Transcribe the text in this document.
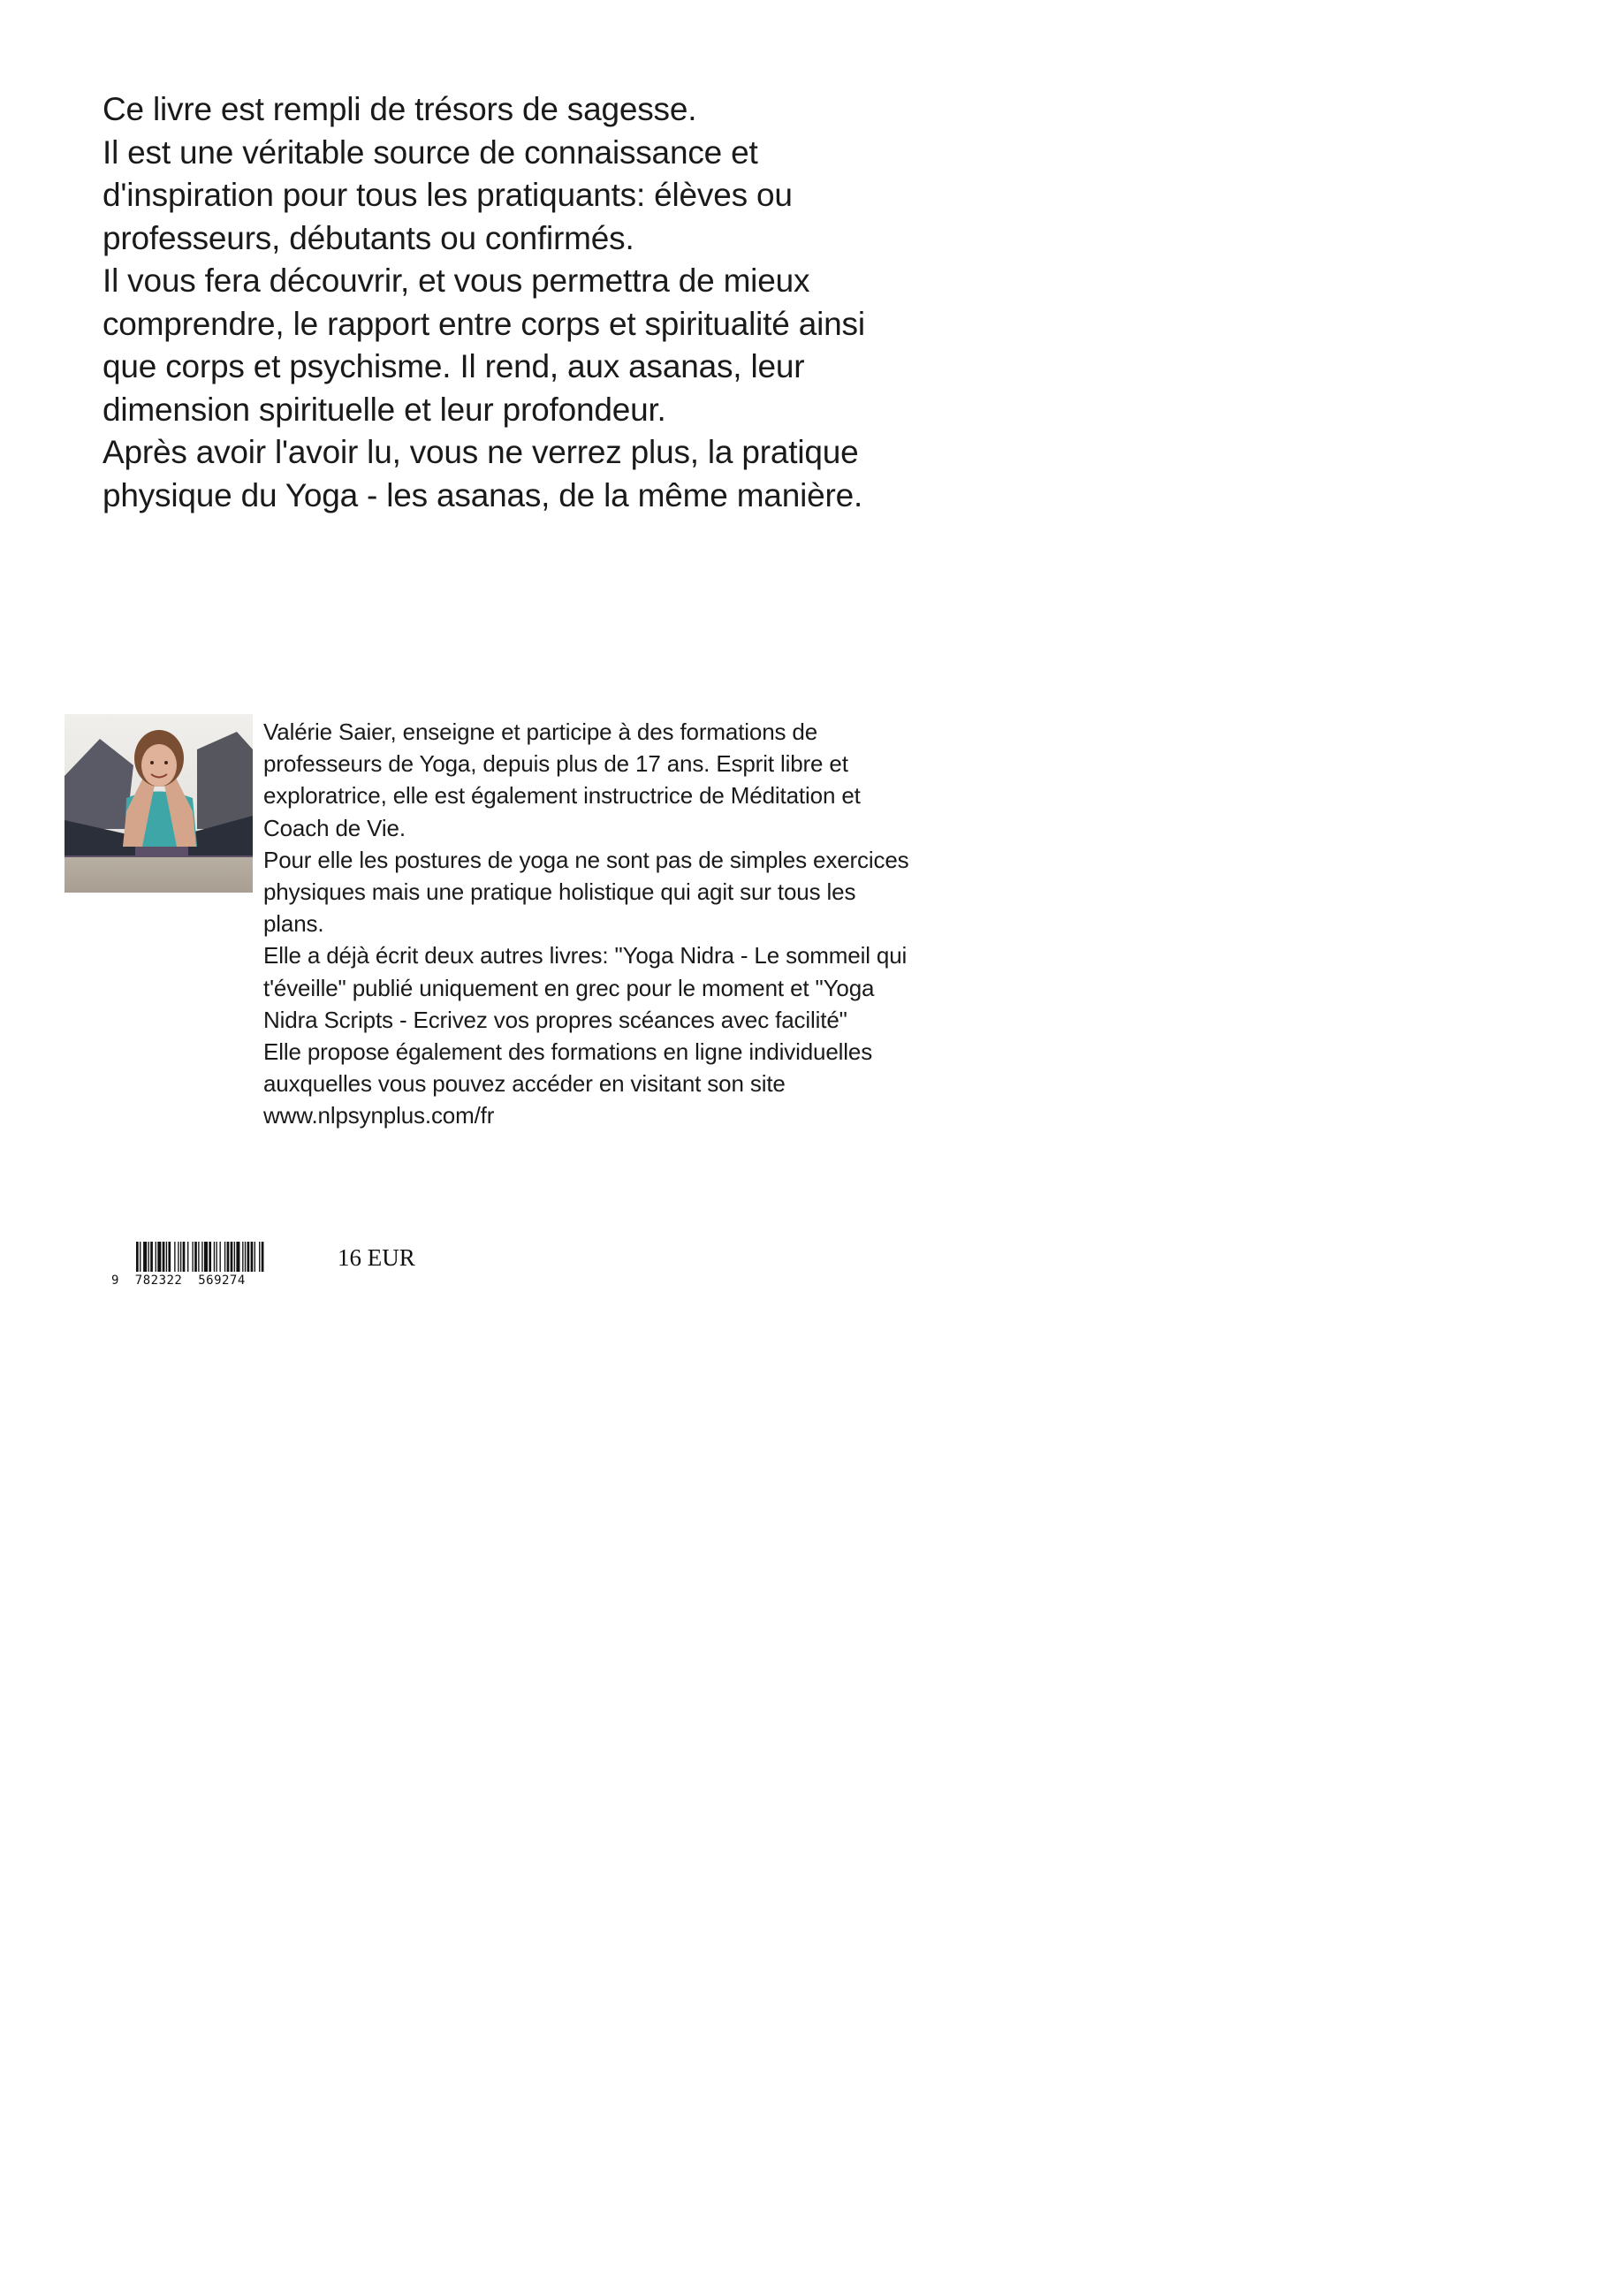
Ce livre est rempli de trésors de sagesse.

Il est une véritable source de connaissance et d'inspiration pour tous les pratiquants: élèves ou professeurs, débutants ou confirmés.

Il vous fera découvrir, et vous permettra de mieux comprendre, le rapport entre corps et spiritualité ainsi que corps et psychisme. Il rend, aux asanas, leur dimension spirituelle et leur profondeur.

Après avoir l'avoir lu, vous ne verrez plus, la pratique physique du Yoga - les asanas, de la même manière.

Valérie Saier, enseigne et participe à des formations de professeurs de Yoga, depuis plus de 17 ans. Esprit libre et exploratrice, elle est également instructrice de Méditation et Coach de Vie.

Pour elle les postures de yoga ne sont pas de simples exercices physiques mais une pratique holistique qui agit sur tous les plans.

Elle a déjà écrit deux autres livres: "Yoga Nidra - Le sommeil qui t'éveille" publié uniquement en grec pour le moment et "Yoga Nidra Scripts - Ecrivez vos propres scéances avec facilité"

Elle propose également des formations en ligne individuelles auxquelles vous pouvez accéder en visitant son site www.nlpsynplus.com/fr

9  782322  569274
16 EUR
